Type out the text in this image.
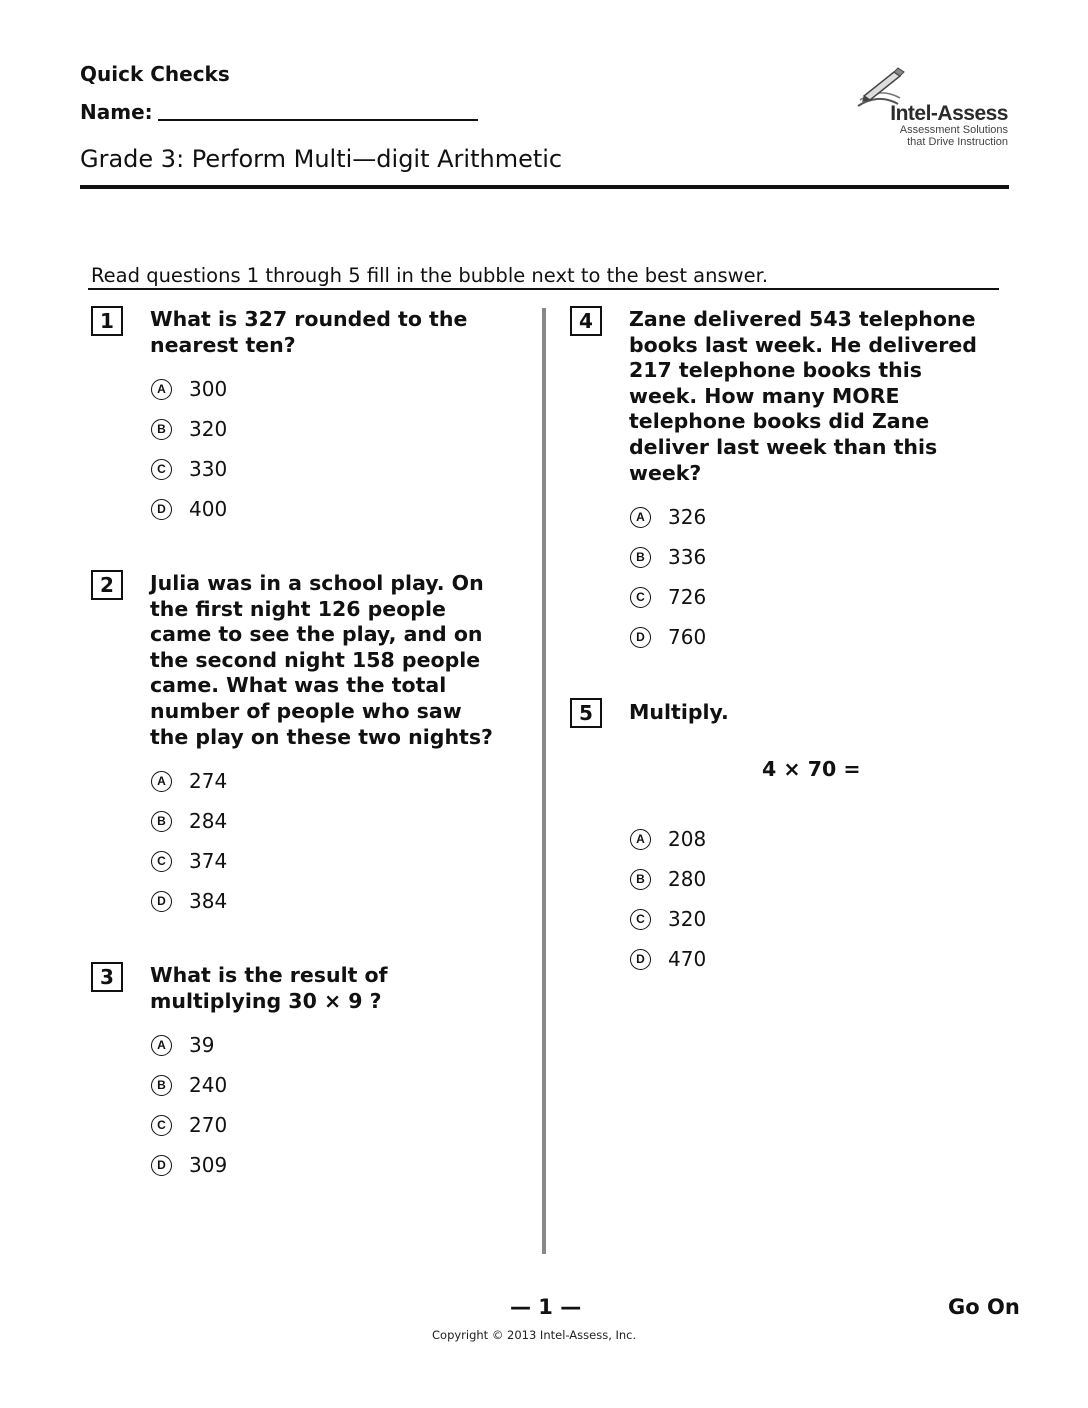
Quick Checks
Name:
Grade 3: Perform Multi—digit Arithmetic
Intel-Assess
Assessment Solutions
that Drive Instruction
Read questions 1 through 5 fill in the bubble next to the best answer.
1	What is 327 rounded to the
nearest ten?
A	300
B	320
C	330
D	400
2	Julia was in a school play. On
the first night 126 people
came to see the play, and on
the second night 158 people
came. What was the total
number of people who saw
the play on these two nights?
A	274
B	284
C	374
D	384
3	What is the result of
multiplying 30 × 9 ?
A	39
B	240
C	270
D	309
4	Zane delivered 543 telephone
books last week. He delivered
217 telephone books this
week. How many MORE
telephone books did Zane
deliver last week than this
week?
A	326
B	336
C	726
D	760
5	Multiply.
4 × 70 =
A	208
B	280
C	320
D	470
— 1 —	Go On
Copyright © 2013 Intel-Assess, Inc.
